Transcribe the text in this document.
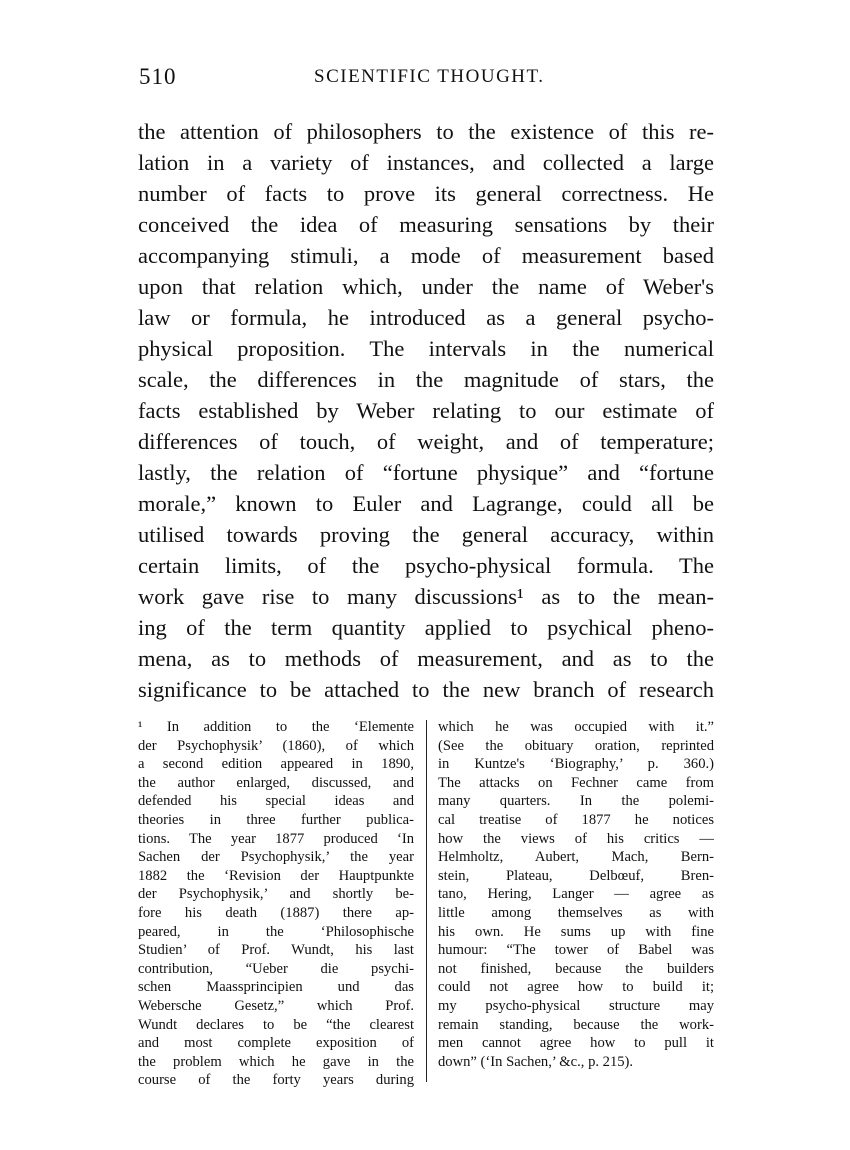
510	SCIENTIFIC THOUGHT.
the attention of philosophers to the existence of this re-
lation in a variety of instances, and collected a large
number of facts to prove its general correctness. He
conceived the idea of measuring sensations by their
accompanying stimuli, a mode of measurement based
upon that relation which, under the name of Weber's
law or formula, he introduced as a general psycho-
physical proposition. The intervals in the numerical
scale, the differences in the magnitude of stars, the
facts established by Weber relating to our estimate of
differences of touch, of weight, and of temperature;
lastly, the relation of “fortune physique” and “fortune
morale,” known to Euler and Lagrange, could all be
utilised towards proving the general accuracy, within
certain limits, of the psycho-physical formula. The
work gave rise to many discussions¹ as to the mean-
ing of the term quantity applied to psychical pheno-
mena, as to methods of measurement, and as to the
significance to be attached to the new branch of research
¹ In addition to the ‘Elemente
der Psychophysik’ (1860), of which
a second edition appeared in 1890,
the author enlarged, discussed, and
defended his special ideas and
theories in three further publica-
tions. The year 1877 produced ‘In
Sachen der Psychophysik,’ the year
1882 the ‘Revision der Hauptpunkte
der Psychophysik,’ and shortly be-
fore his death (1887) there ap-
peared, in the ‘Philosophische
Studien’ of Prof. Wundt, his last
contribution, “Ueber die psychi-
schen Maassprincipien und das
Webersche Gesetz,” which Prof.
Wundt declares to be “the clearest
and most complete exposition of
the problem which he gave in the
course of the forty years during
which he was occupied with it.”
(See the obituary oration, reprinted
in Kuntze's ‘Biography,’ p. 360.)
The attacks on Fechner came from
many quarters. In the polemi-
cal treatise of 1877 he notices
how the views of his critics —
Helmholtz, Aubert, Mach, Bern-
stein, Plateau, Delbœuf, Bren-
tano, Hering, Langer — agree as
little among themselves as with
his own. He sums up with fine
humour: “The tower of Babel was
not finished, because the builders
could not agree how to build it;
my psycho-physical structure may
remain standing, because the work-
men cannot agree how to pull it
down” (‘In Sachen,’ &c., p. 215).
